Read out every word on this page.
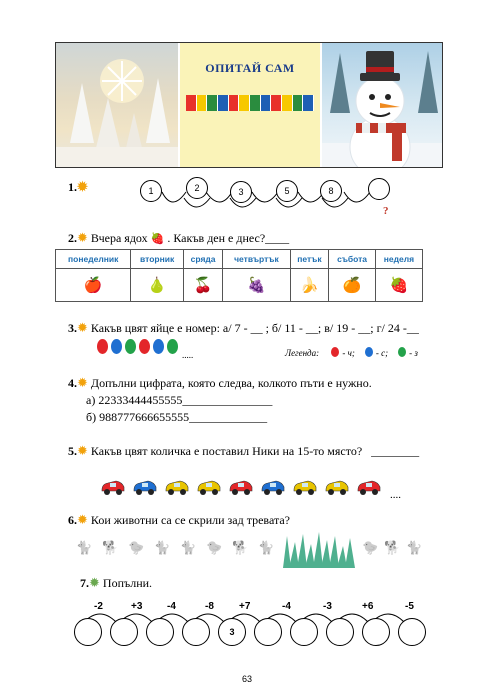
ОПИТАЙ САМ
1.✹	1	2	3	5	8
?
2.✹ Вчера ядох 🍓 . Какъв ден е днес?____
понеделник	вторник	сряда	четвъртък	петък	събота	неделя
🍎	🍐	🍒	🍇	🍌	🍊	🍓
3.✹ Какъв цвят яйце е номер: а/ 7 - __ ; б/ 11 - __; в/ 19 - __; г/ 24 -__
.....	Легенда:	- ч; - с; - з
4.✹ Допълни цифрата, която следва, колкото пъти е нужно.
а) 22333444455555_______________
б) 988777666655555_____________
5.✹ Какъв цвят количка е поставил Ники на 15-то място? ________
....
6.✹ Кои животни са се скрили зад тревата?
🐈 🐕 🐤 🐈 🐈 🐤 🐕 🐈	🐤 🐕 🐈
7.✹ Попълни.
-2	+3 -4	-8	+7	-4	-3	+6	-5
3
63
